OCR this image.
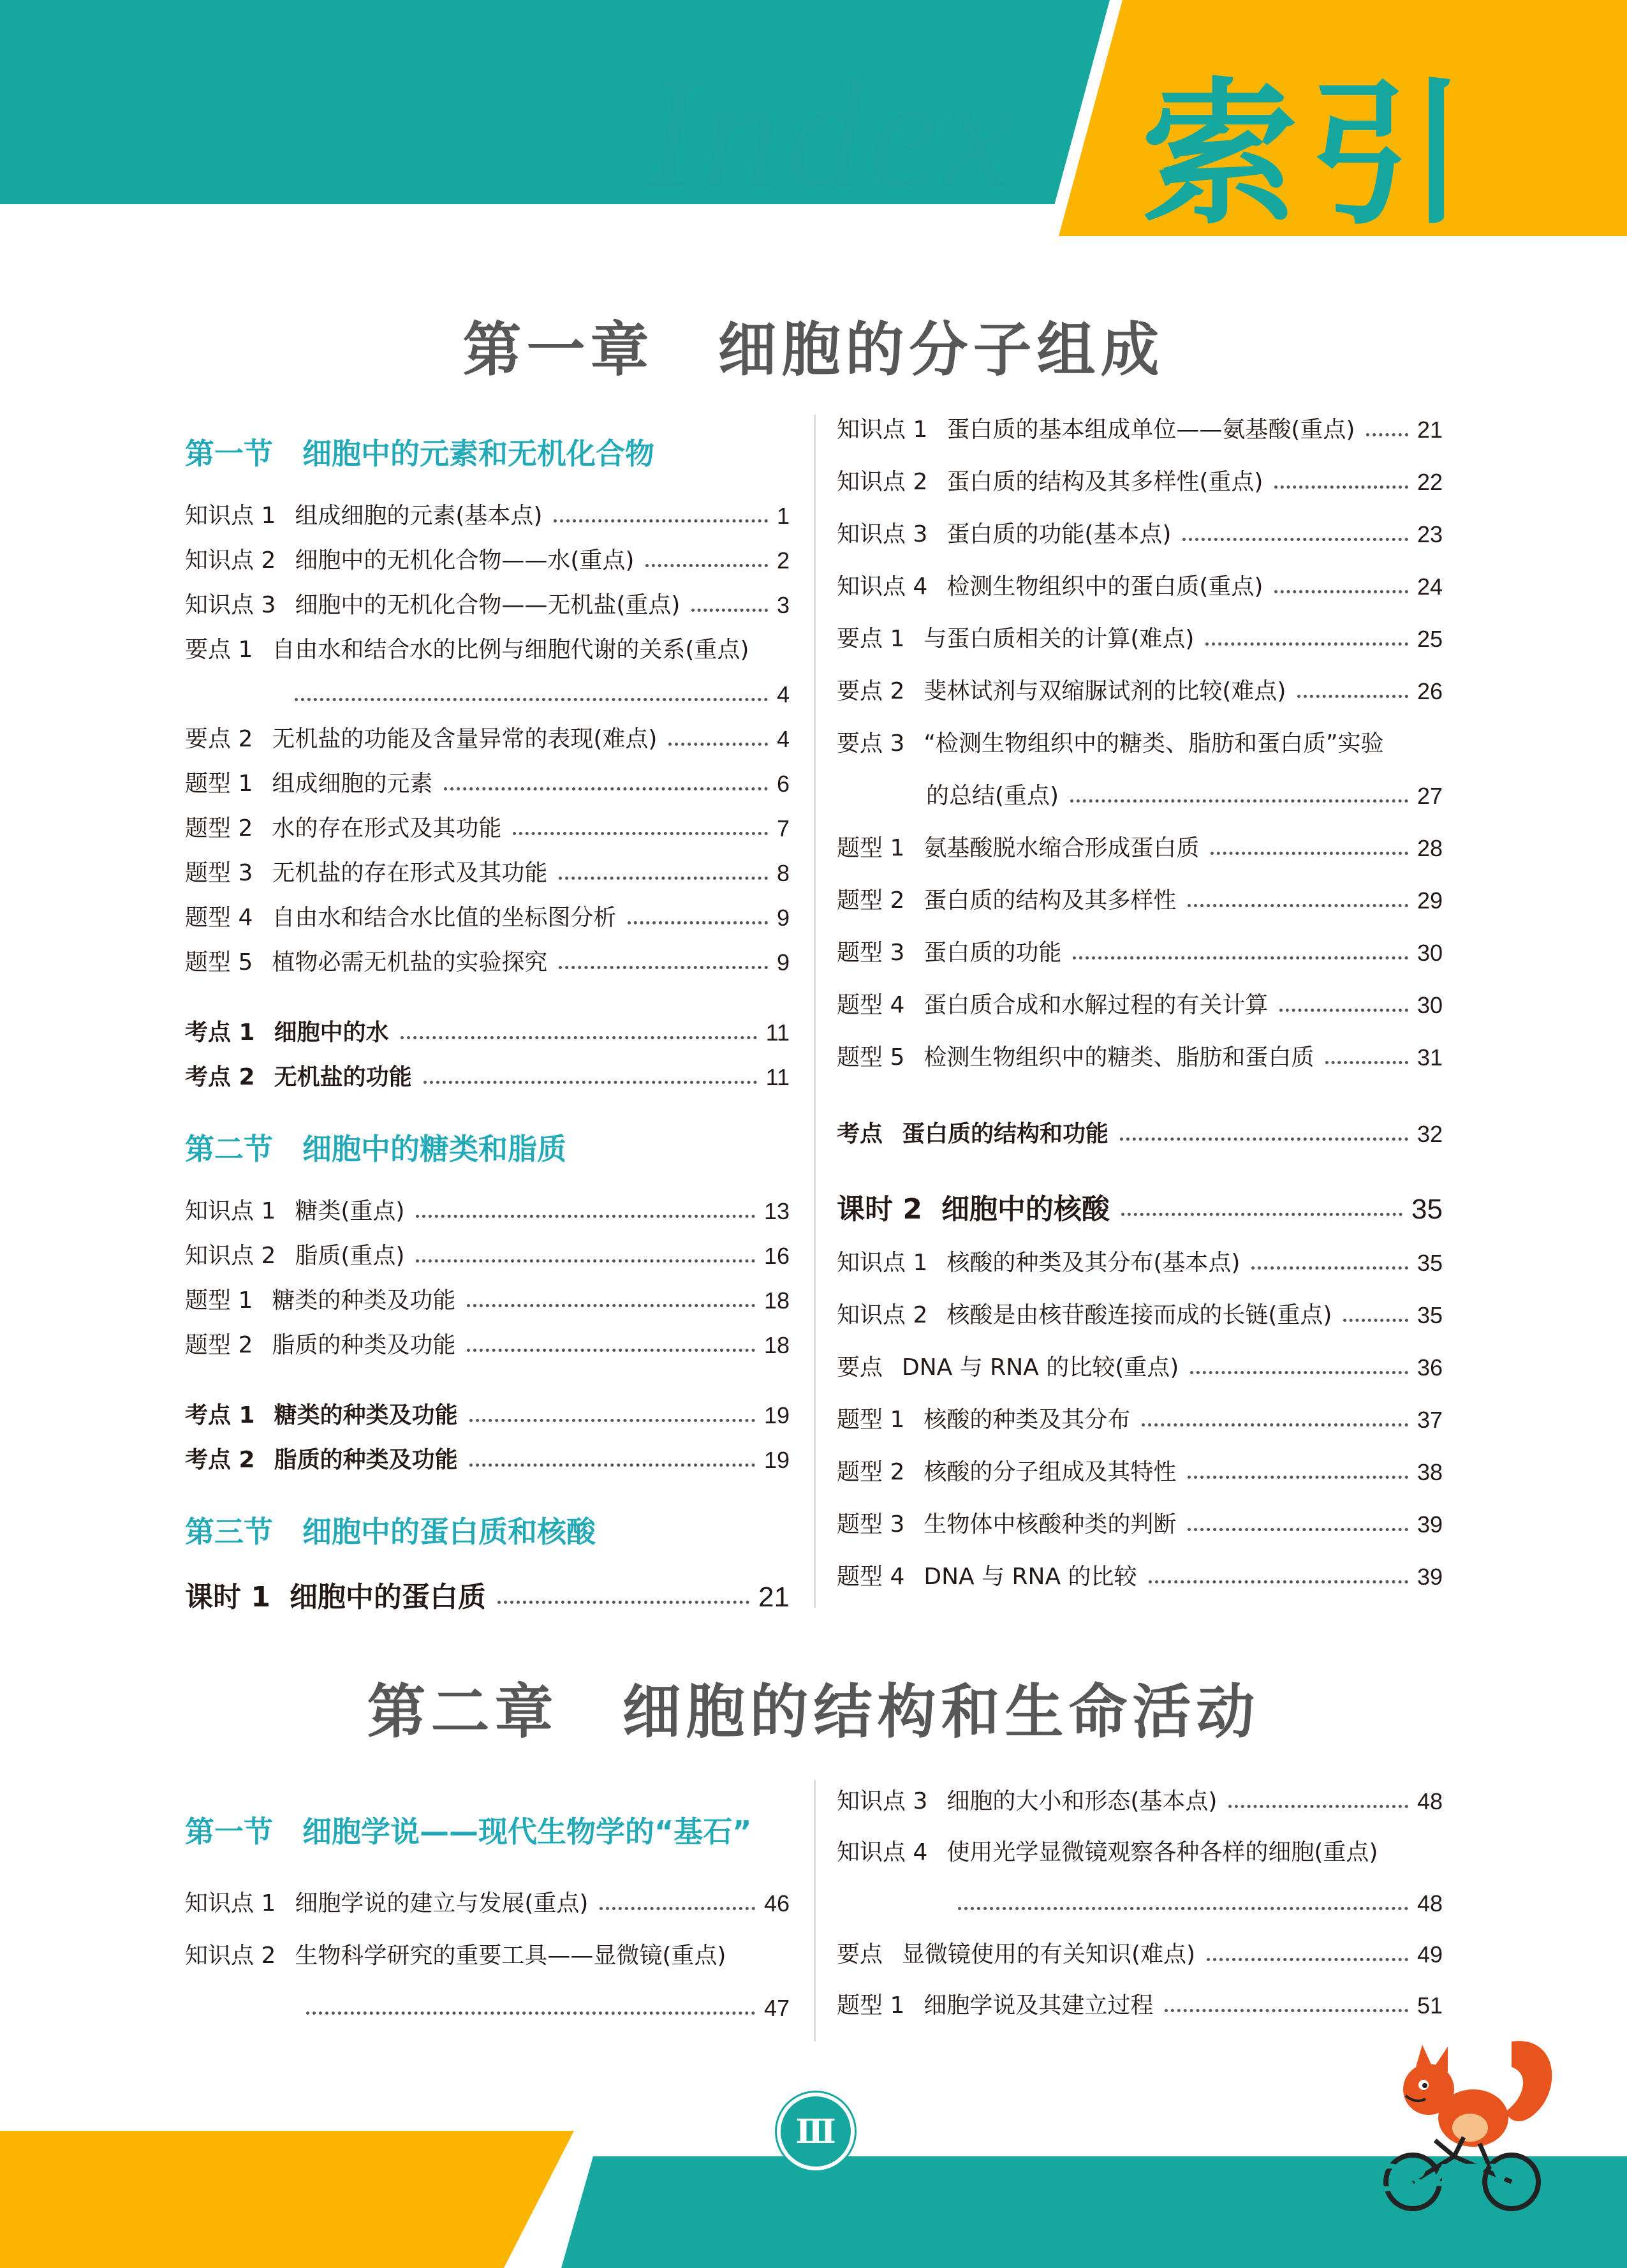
Index 索引
第一章　细胞的分子组成
第一节　细胞中的元素和无机化合物
知识点 1 组成细胞的元素(基本点)	1
知识点 2 细胞中的无机化合物——水(重点)	2
知识点 3 细胞中的无机化合物——无机盐(重点)	3
要点 1 自由水和结合水的比例与细胞代谢的关系(重点)
4
要点 2 无机盐的功能及含量异常的表现(难点)	4
题型 1 组成细胞的元素	6
题型 2 水的存在形式及其功能	7
题型 3 无机盐的存在形式及其功能	8
题型 4 自由水和结合水比值的坐标图分析	9
题型 5 植物必需无机盐的实验探究	9
考点 1 细胞中的水	11
考点 2 无机盐的功能	11
第二节　细胞中的糖类和脂质
知识点 1 糖类(重点)	13
知识点 2 脂质(重点)	16
题型 1 糖类的种类及功能	18
题型 2 脂质的种类及功能	18
考点 1 糖类的种类及功能	19
考点 2 脂质的种类及功能	19
第三节　细胞中的蛋白质和核酸
课时 1 细胞中的蛋白质	21
知识点 1 蛋白质的基本组成单位——氨基酸(重点)	21
知识点 2 蛋白质的结构及其多样性(重点)	22
知识点 3 蛋白质的功能(基本点)	23
知识点 4 检测生物组织中的蛋白质(重点)	24
要点 1 与蛋白质相关的计算(难点)	25
要点 2 斐林试剂与双缩脲试剂的比较(难点)	26
要点 3 “检测生物组织中的糖类、脂肪和蛋白质”实验
的总结(重点)	27
题型 1 氨基酸脱水缩合形成蛋白质	28
题型 2 蛋白质的结构及其多样性	29
题型 3 蛋白质的功能	30
题型 4 蛋白质合成和水解过程的有关计算	30
题型 5 检测生物组织中的糖类、脂肪和蛋白质	31
考点 蛋白质的结构和功能	32
课时 2 细胞中的核酸	35
知识点 1 核酸的种类及其分布(基本点)	35
知识点 2 核酸是由核苷酸连接而成的长链(重点)	35
要点 DNA 与 RNA 的比较(重点)	36
题型 1 核酸的种类及其分布	37
题型 2 核酸的分子组成及其特性	38
题型 3 生物体中核酸种类的判断	39
题型 4 DNA 与 RNA 的比较	39
第二章　细胞的结构和生命活动
第一节　细胞学说——现代生物学的“基石”
知识点 1 细胞学说的建立与发展(重点)	46
知识点 2 生物科学研究的重要工具——显微镜(重点)
47
知识点 3 细胞的大小和形态(基本点)	48
知识点 4 使用光学显微镜观察各种各样的细胞(重点)
48
要点 显微镜使用的有关知识(难点)	49
题型 1 细胞学说及其建立过程	51
Ⅲ
CRAZY
